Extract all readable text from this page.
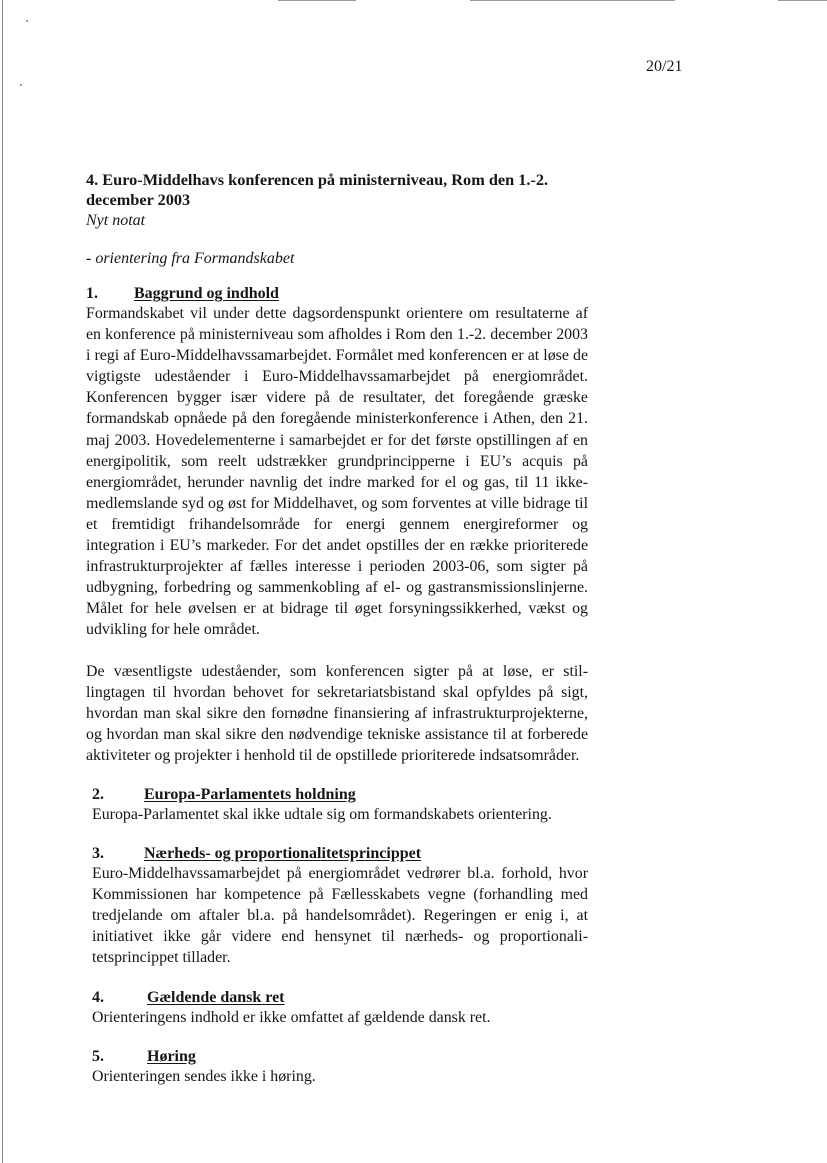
20/21
4. Euro-Middelhavs konferencen på ministerniveau, Rom den 1.-2. december 2003
Nyt notat
- orientering fra Formandskabet
1.	Baggrund og indhold

Formandskabet vil under dette dagsordenspunkt orientere om resultaterne af en konference på ministerniveau som afholdes i Rom den 1.-2. december 2003 i regi af Euro-Middelhavssamarbejdet. Formålet med konferencen er at løse de vigtigste udeståender i Euro-Middelhavssamarbejdet på energiområdet. Konferencen bygger især videre på de resultater, det foregående græske formandskab opnåede på den foregående ministerkonference i Athen, den 21. maj 2003. Hovedelementerne i samarbejdet er for det første opstillingen af en energipolitik, som reelt udstrækker grundprincipperne i EU’s acquis på energiområdet, herunder navnlig det indre marked for el og gas, til 11 ikke-medlemslande syd og øst for Middelhavet, og som forventes at ville bidrage til et fremtidigt frihandelsområde for energi gennem energireformer og integration i EU’s markeder. For det andet opstilles der en række prioriterede infrastrukturprojekter af fælles interesse i perioden 2003-06, som sigter på udbygning, forbedring og sammenkobling af el- og gastransmissionslinjerne. Målet for hele øvelsen er at bidrage til øget forsyningssikkerhed, vækst og udvikling for hele området.

De væsentligste udeståender, som konferencen sigter på at løse, er stillingtagen til hvordan behovet for sekretariatsbistand skal opfyldes på sigt, hvordan man skal sikre den fornødne finansiering af infrastrukturprojekterne, og hvordan man skal sikre den nødvendige tekniske assistance til at forberede aktiviteter og projekter i henhold til de opstillede prioriterede indsatsområder.

2.	Europa-Parlamentets holdning

Europa-Parlamentet skal ikke udtale sig om formandskabets orientering.

3.	Nærheds- og proportionalitetsprincippet

Euro-Middelhavssamarbejdet på energiområdet vedrører bl.a. forhold, hvor Kommissionen har kompetence på Fællesskabets vegne (forhandling med tredjelande om aftaler bl.a. på handelsområdet). Regeringen er enig i, at initiativet ikke går videre end hensynet til nærheds- og proportionalitetsprincippet tillader.

4.	Gældende dansk ret

Orienteringens indhold er ikke omfattet af gældende dansk ret.

5.	Høring

Orienteringen sendes ikke i høring.
